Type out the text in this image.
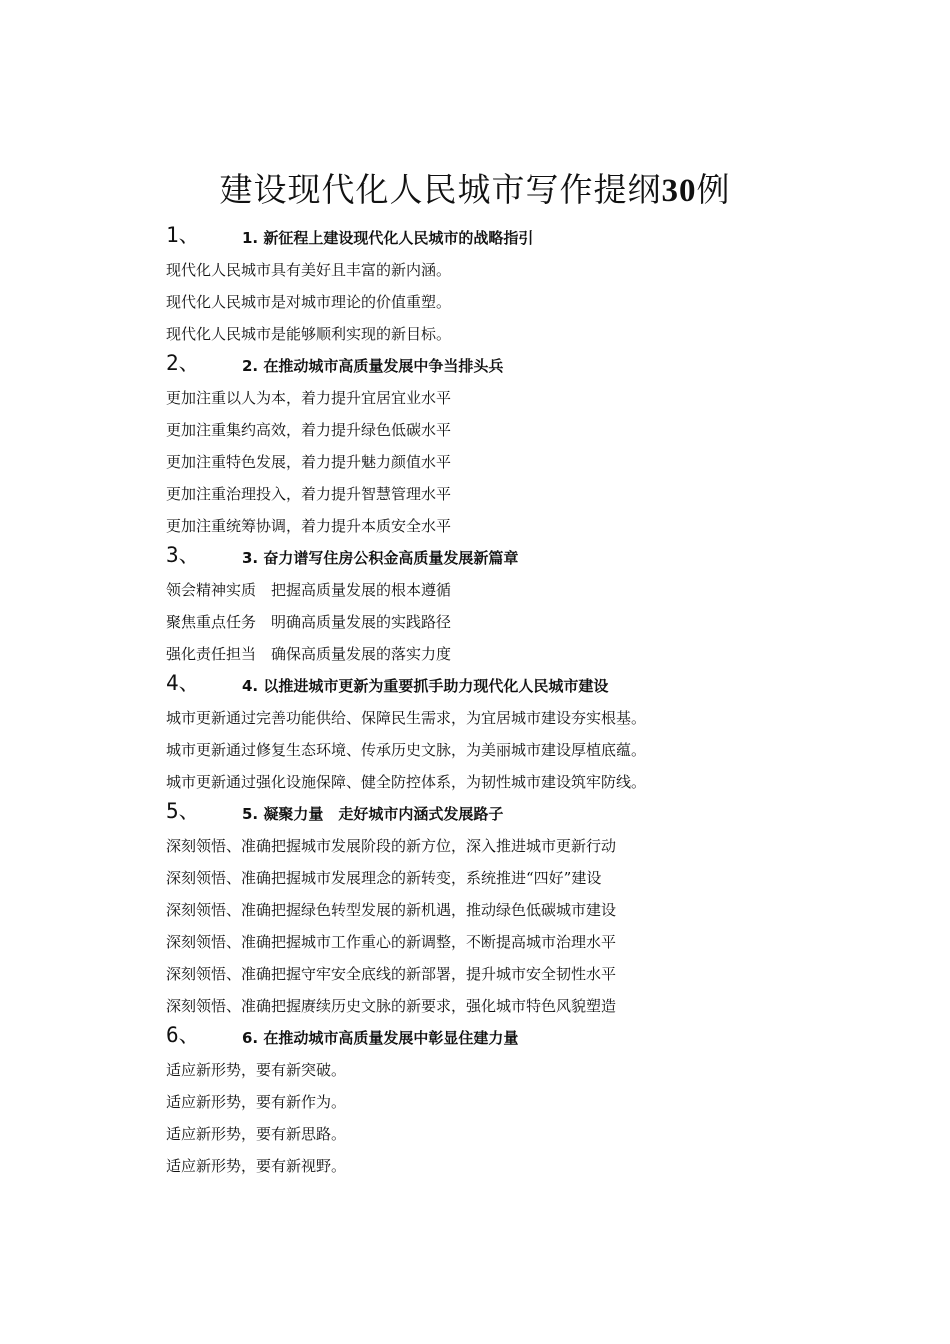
建设现代化人民城市写作提纲30例
1、	1. 新征程上建设现代化人民城市的战略指引
现代化人民城市具有美好且丰富的新内涵。
现代化人民城市是对城市理论的价值重塑。
现代化人民城市是能够顺利实现的新目标。
2、	2. 在推动城市高质量发展中争当排头兵
更加注重以人为本，着力提升宜居宜业水平
更加注重集约高效，着力提升绿色低碳水平
更加注重特色发展，着力提升魅力颜值水平
更加注重治理投入，着力提升智慧管理水平
更加注重统筹协调，着力提升本质安全水平
3、	3. 奋力谱写住房公积金高质量发展新篇章
领会精神实质　把握高质量发展的根本遵循
聚焦重点任务　明确高质量发展的实践路径
强化责任担当　确保高质量发展的落实力度
4、	4. 以推进城市更新为重要抓手助力现代化人民城市建设
城市更新通过完善功能供给、保障民生需求，为宜居城市建设夯实根基。
城市更新通过修复生态环境、传承历史文脉，为美丽城市建设厚植底蕴。
城市更新通过强化设施保障、健全防控体系，为韧性城市建设筑牢防线。
5、	5. 凝聚力量　走好城市内涵式发展路子
深刻领悟、准确把握城市发展阶段的新方位，深入推进城市更新行动
深刻领悟、准确把握城市发展理念的新转变，系统推进“四好”建设
深刻领悟、准确把握绿色转型发展的新机遇，推动绿色低碳城市建设
深刻领悟、准确把握城市工作重心的新调整，不断提高城市治理水平
深刻领悟、准确把握守牢安全底线的新部署，提升城市安全韧性水平
深刻领悟、准确把握赓续历史文脉的新要求，强化城市特色风貌塑造
6、	6. 在推动城市高质量发展中彰显住建力量
适应新形势，要有新突破。
适应新形势，要有新作为。
适应新形势，要有新思路。
适应新形势，要有新视野。
